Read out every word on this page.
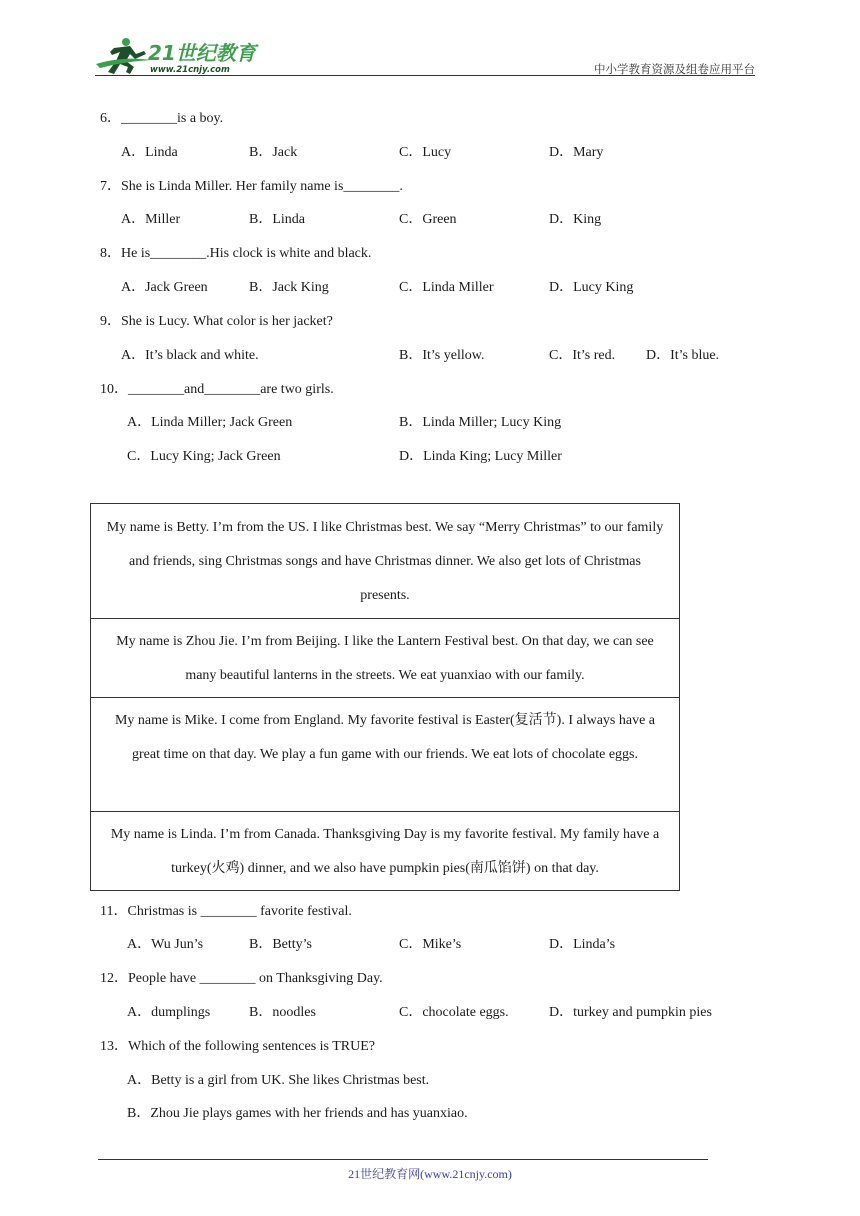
21世纪教育
www.21cnjy.com	中小学教育资源及组卷应用平台
6．________is a boy.
A．Linda	B．Jack	C．Lucy	D．Mary
7．She is Linda Miller. Her family name is________.
A．Miller	B．Linda	C．Green	D．King
8．He is________.His clock is white and black.
A．Jack Green	B．Jack King	C．Linda Miller	D．Lucy King
9．She is Lucy. What color is her jacket?
A．It’s black and white.	B．It’s yellow.	C．It’s red. D．It’s blue.
10．________and________are two girls.
A．Linda Miller; Jack Green	B．Linda Miller; Lucy King
C．Lucy King; Jack Green	D．Linda King; Lucy Miller
My name is Betty. I’m from the US. I like Christmas best. We say “Merry Christmas” to our family and friends, sing Christmas songs and have Christmas dinner. We also get lots of Christmas presents.
My name is Zhou Jie. I’m from Beijing. I like the Lantern Festival best. On that day, we can see many beautiful lanterns in the streets. We eat yuanxiao with our family.
My name is Mike. I come from England. My favorite festival is Easter(复活节). I always have a great time on that day. We play a fun game with our friends. We eat lots of chocolate eggs.
My name is Linda. I’m from Canada. Thanksgiving Day is my favorite festival. My family have a turkey(火鸡) dinner, and we also have pumpkin pies(南瓜馅饼) on that day.
11．Christmas is ________ favorite festival.
A．Wu Jun’s	B．Betty’s	C．Mike’s	D．Linda’s
12．People have ________ on Thanksgiving Day.
A．dumplings	B．noodles	C．chocolate eggs.	D．turkey and pumpkin pies
13．Which of the following sentences is TRUE?
A．Betty is a girl from UK. She likes Christmas best.
B．Zhou Jie plays games with her friends and has yuanxiao.
21世纪教育网(www.21cnjy.com)
